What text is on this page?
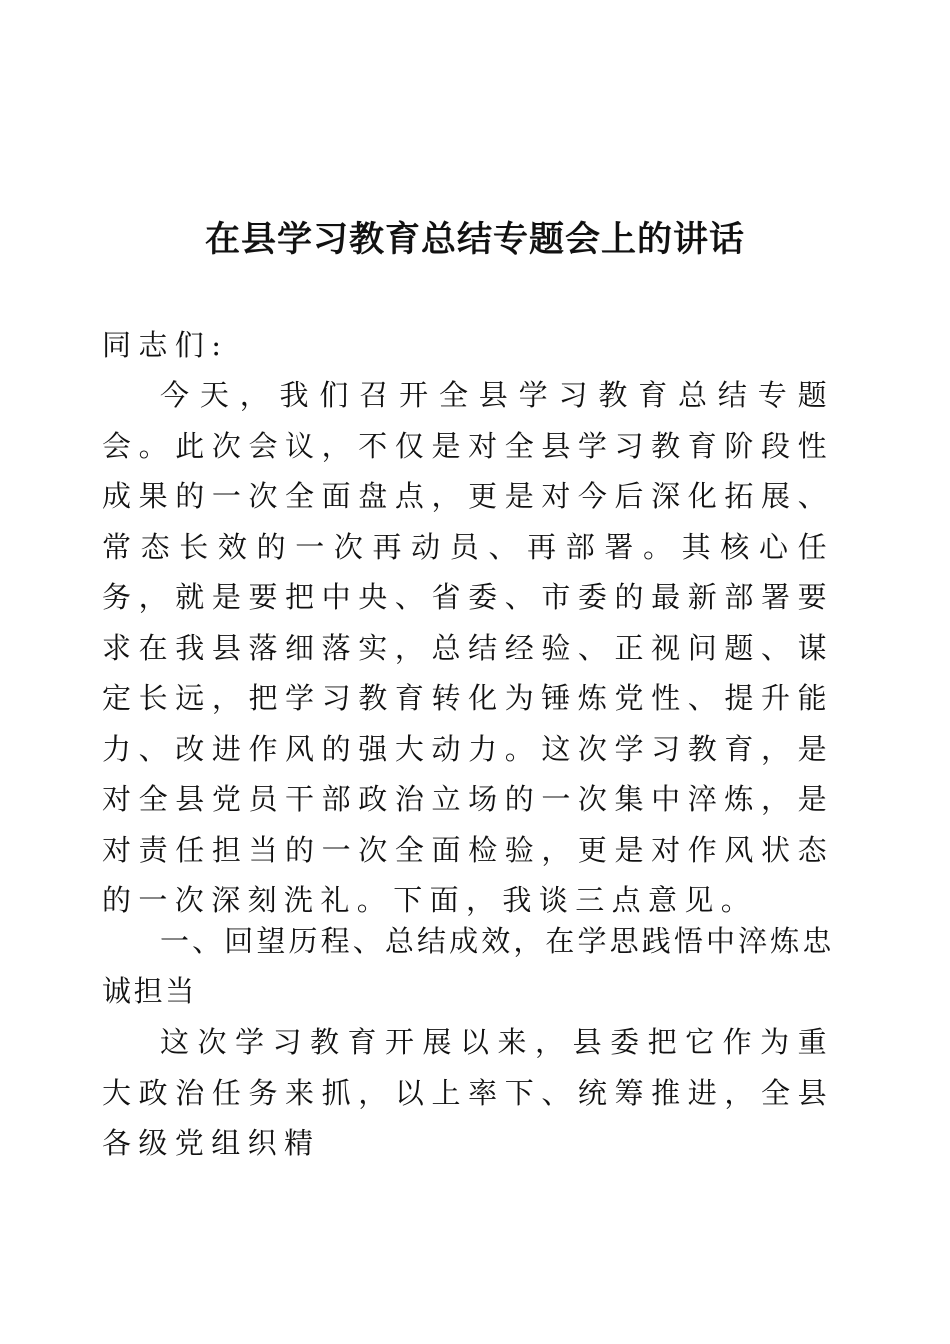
在县学习教育总结专题会上的讲话

同志们:

今天，我们召开全县学习教育总结专题会。此次会议，不仅是对全县学习教育阶段性成果的一次全面盘点，更是对今后深化拓展、常态长效的一次再动员、再部署。其核心任务，就是要把中央、省委、市委的最新部署要求在我县落细落实，总结经验、正视问题、谋定长远，把学习教育转化为锤炼党性、提升能力、改进作风的强大动力。这次学习教育，是对全县党员干部政治立场的一次集中淬炼，是对责任担当的一次全面检验，更是对作风状态的一次深刻洗礼。下面，我谈三点意见。

一、回望历程、总结成效，在学思践悟中淬炼忠诚担当

这次学习教育开展以来，县委把它作为重大政治任务来抓，以上率下、统筹推进，全县各级党组织精
